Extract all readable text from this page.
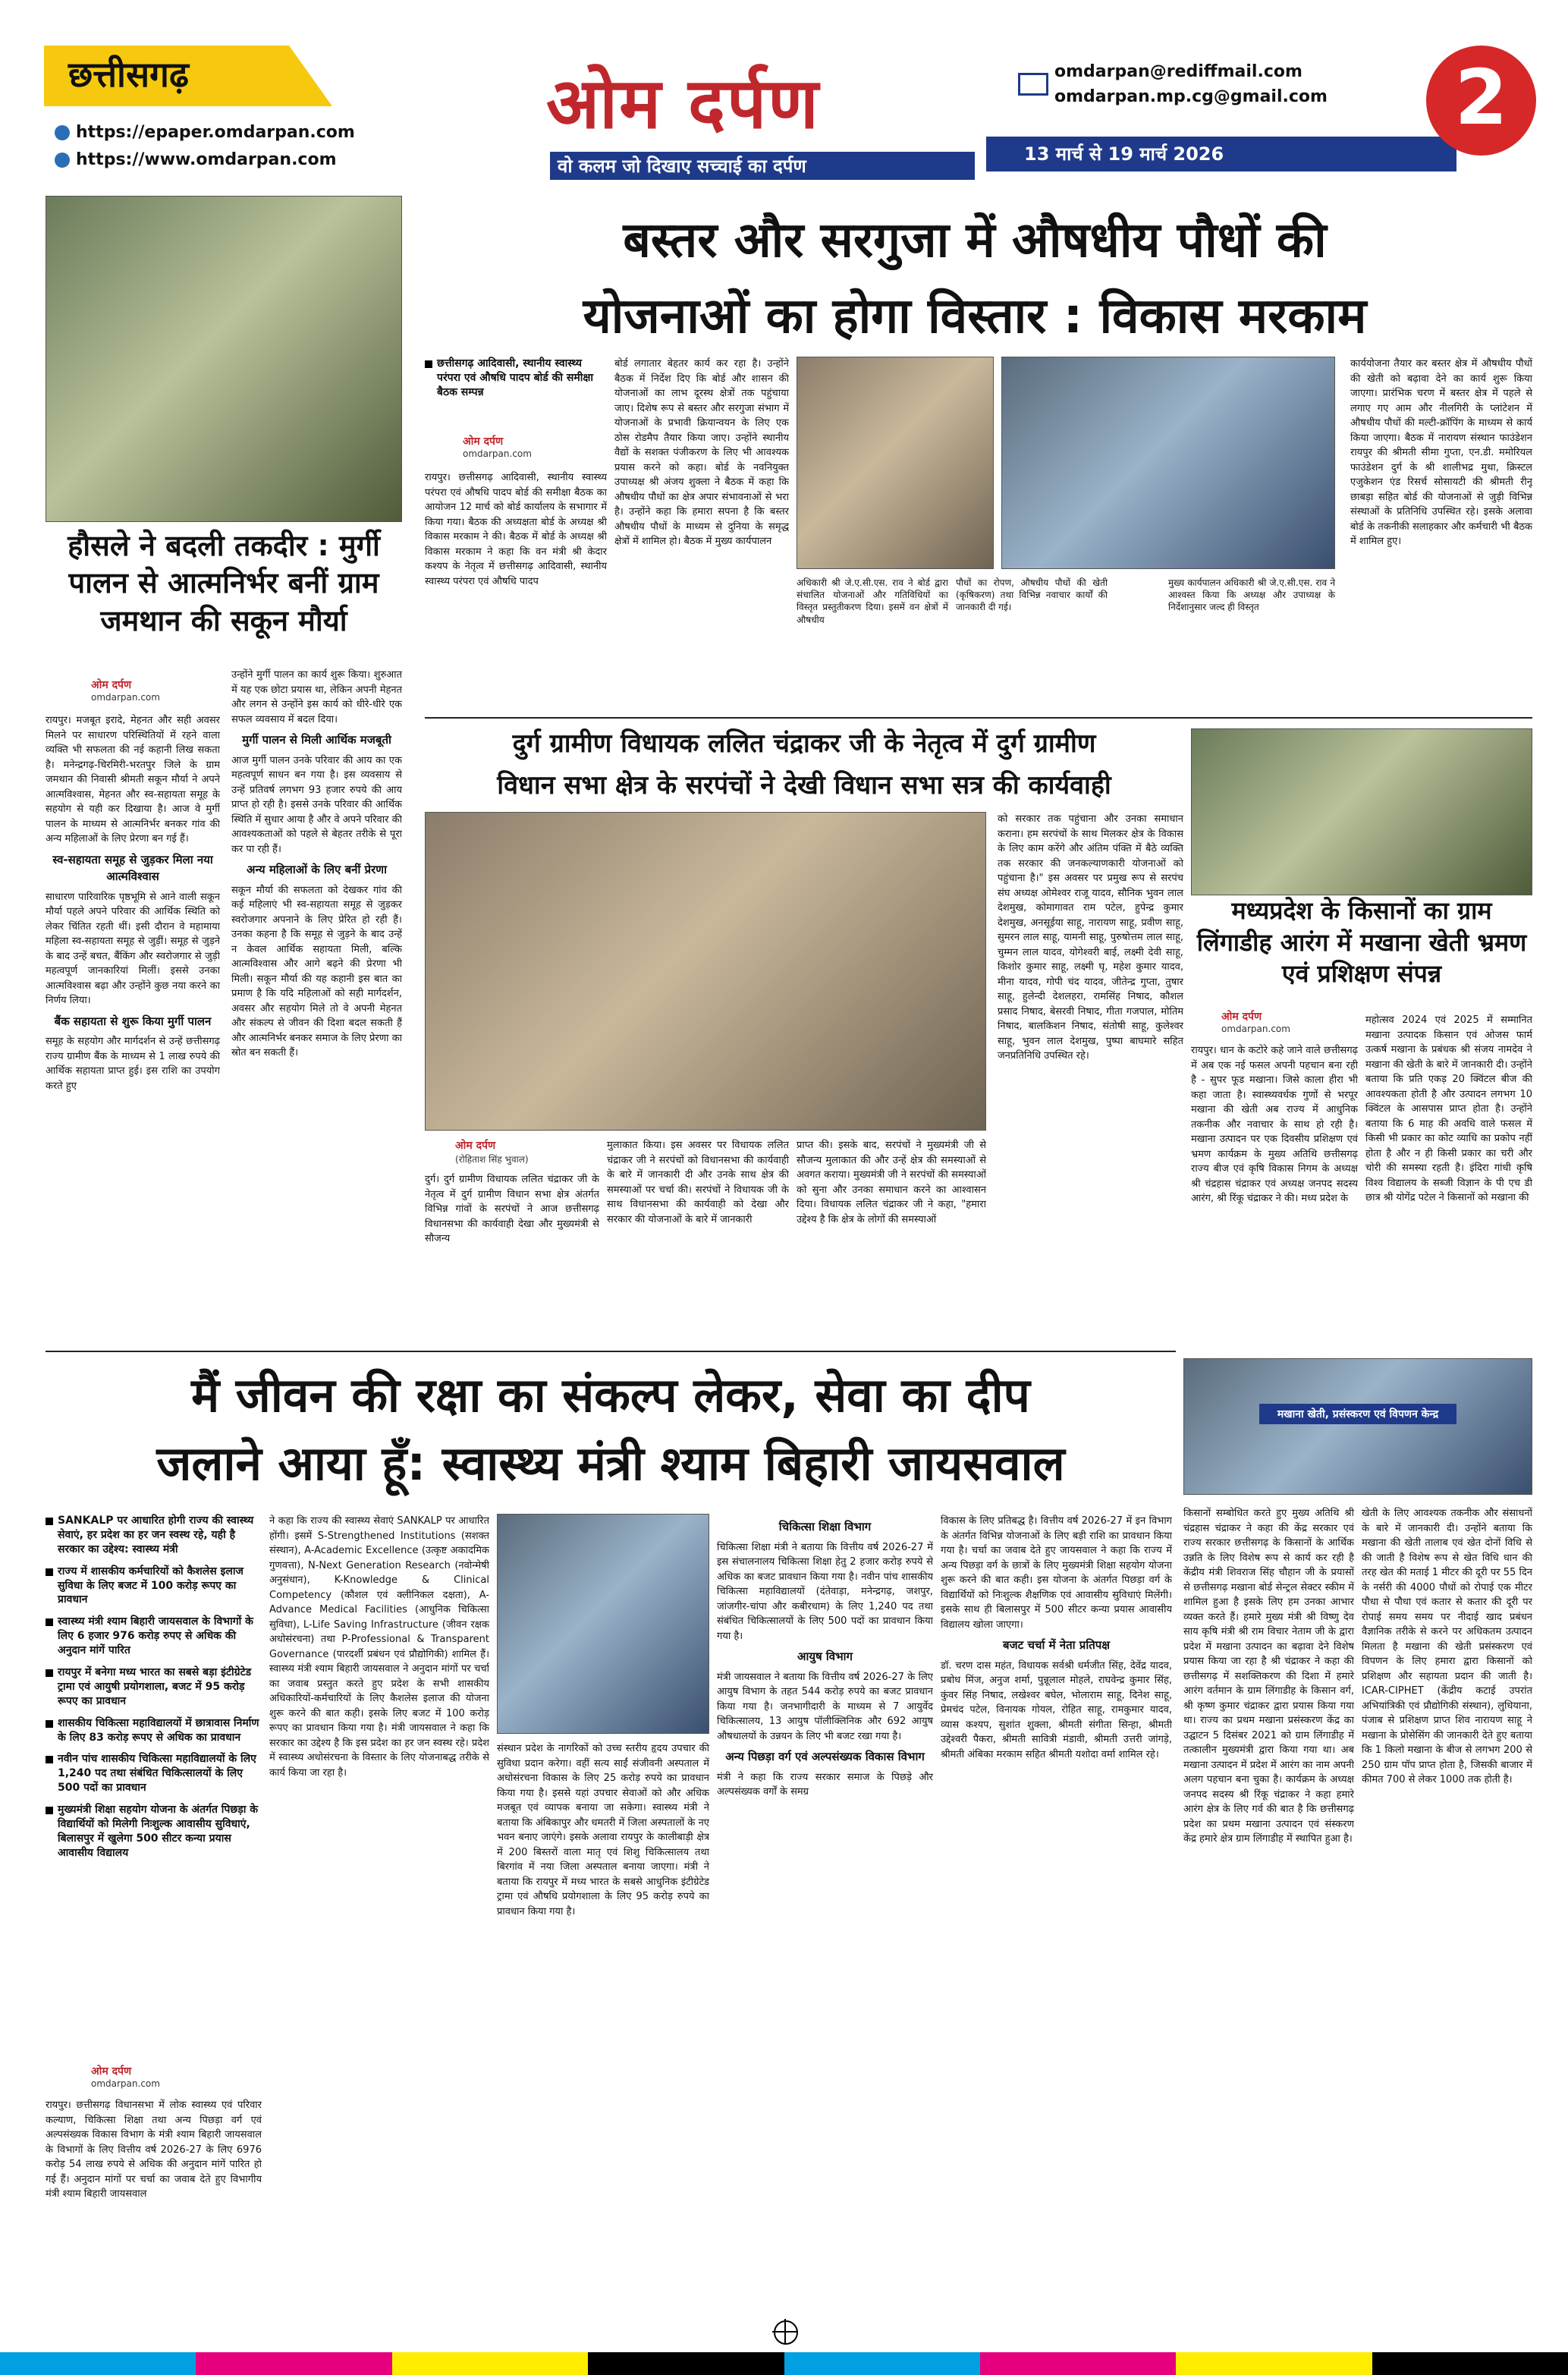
छत्तीसगढ़
https://epaper.omdarpan.com
https://www.omdarpan.com
ओम दर्पण
वो कलम जो दिखाए सच्चाई का दर्पण
omdarpan@rediffmail.com
omdarpan.mp.cg@gmail.com
13 मार्च से 19 मार्च 2026
2
हौसले ने बदली तकदीर : मुर्गी पालन से आत्मनिर्भर बनीं ग्राम जमथान की सकून मौर्या
ओम दर्पण
omdarpan.com

रायपुर। मजबूत इरादे, मेहनत और सही अवसर मिलने पर साधारण परिस्थितियों में रहने वाला व्यक्ति भी सफलता की नई कहानी लिख सकता है। मनेन्द्रगढ़-चिरमिरी-भरतपुर जिले के ग्राम जमथान की निवासी श्रीमती सकून मौर्या ने अपने आत्मविश्वास, मेहनत और स्व-सहायता समूह के सहयोग से यही कर दिखाया है। आज वे मुर्गी पालन के माध्यम से आत्मनिर्भर बनकर गांव की अन्य महिलाओं के लिए प्रेरणा बन गई हैं।

स्व-सहायता समूह से जुड़कर मिला नया आत्मविश्वास

साधारण पारिवारिक पृष्ठभूमि से आने वाली सकून मौर्या पहले अपने परिवार की आर्थिक स्थिति को लेकर चिंतित रहती थीं। इसी दौरान वे महामाया महिला स्व-सहायता समूह से जुड़ीं। समूह से जुड़ने के बाद उन्हें बचत, बैंकिंग और स्वरोजगार से जुड़ी महत्वपूर्ण जानकारियां मिलीं। इससे उनका आत्मविश्वास बढ़ा और उन्होंने कुछ नया करने का निर्णय लिया।

बैंक सहायता से शुरू किया मुर्गी पालन

समूह के सहयोग और मार्गदर्शन से उन्हें छत्तीसगढ़ राज्य ग्रामीण बैंक के माध्यम से 1 लाख रुपये की आर्थिक सहायता प्राप्त हुई। इस राशि का उपयोग करते हुए

उन्होंने मुर्गी पालन का कार्य शुरू किया। शुरुआत में यह एक छोटा प्रयास था, लेकिन अपनी मेहनत और लगन से उन्होंने इस कार्य को धीरे-धीरे एक सफल व्यवसाय में बदल दिया।

मुर्गी पालन से मिली आर्थिक मजबूती

आज मुर्गी पालन उनके परिवार की आय का एक महत्वपूर्ण साधन बन गया है। इस व्यवसाय से उन्हें प्रतिवर्ष लगभग 93 हजार रुपये की आय प्राप्त हो रही है। इससे उनके परिवार की आर्थिक स्थिति में सुधार आया है और वे अपने परिवार की आवश्यकताओं को पहले से बेहतर तरीके से पूरा कर पा रही हैं।

अन्य महिलाओं के लिए बनीं प्रेरणा

सकून मौर्या की सफलता को देखकर गांव की कई महिलाएं भी स्व-सहायता समूह से जुड़कर स्वरोजगार अपनाने के लिए प्रेरित हो रही हैं। उनका कहना है कि समूह से जुड़ने के बाद उन्हें न केवल आर्थिक सहायता मिली, बल्कि आत्मविश्वास और आगे बढ़ने की प्रेरणा भी मिली। सकून मौर्या की यह कहानी इस बात का प्रमाण है कि यदि महिलाओं को सही मार्गदर्शन, अवसर और सहयोग मिले तो वे अपनी मेहनत और संकल्प से जीवन की दिशा बदल सकती हैं और आत्मनिर्भर बनकर समाज के लिए प्रेरणा का स्रोत बन सकती हैं।

बस्तर और सरगुजा में औषधीय पौधों की
योजनाओं का होगा विस्तार : विकास मरकाम
छत्तीसगढ़ आदिवासी, स्थानीय स्वास्थ्य परंपरा एवं औषधि पादप बोर्ड की समीक्षा बैठक सम्पन्न
ओम दर्पण
omdarpan.com

रायपुर। छत्तीसगढ़ आदिवासी, स्थानीय स्वास्थ्य परंपरा एवं औषधि पादप बोर्ड की समीक्षा बैठक का आयोजन 12 मार्च को बोर्ड कार्यालय के सभागार में किया गया। बैठक की अध्यक्षता बोर्ड के अध्यक्ष श्री विकास मरकाम ने की। बैठक में बोर्ड के अध्यक्ष श्री विकास मरकाम ने कहा कि वन मंत्री श्री केदार कश्यप के नेतृत्व में छत्तीसगढ़ आदिवासी, स्थानीय स्वास्थ्य परंपरा एवं औषधि पादप

बोर्ड लगातार बेहतर कार्य कर रहा है। उन्होंने बैठक में निर्देश दिए कि बोर्ड और शासन की योजनाओं का लाभ दूरस्थ क्षेत्रों तक पहुंचाया जाए। दिशेष रूप से बस्तर और सरगुजा संभाग में योजनाओं के प्रभावी क्रियान्वयन के लिए एक ठोस रोडमैप तैयार किया जाए। उन्होंने स्थानीय वैद्यों के सशक्त पंजीकरण के लिए भी आवश्यक प्रयास करने को कहा। बोर्ड के नवनियुक्त उपाध्यक्ष श्री अंजय शुक्ला ने बैठक में कहा कि औषधीय पौधों का क्षेत्र अपार संभावनाओं से भरा है। उन्होंने कहा कि हमारा सपना है कि बस्तर औषधीय पौधों के माध्यम से दुनिया के समृद्ध क्षेत्रों में शामिल हो। बैठक में मुख्य कार्यपालन

अधिकारी श्री जे.ए.सी.एस. राव ने बोर्ड द्वारा संचालित योजनाओं और गतिविधियों का विस्तृत प्रस्तुतीकरण दिया। इसमें वन क्षेत्रों में औषधीय
पौधों का रोपण, औषधीय पौधों की खेती (कृषिकरण) तथा विभिन्न नवाचार कार्यों की जानकारी दी गई।
मुख्य कार्यपालन अधिकारी श्री जे.ए.सी.एस. राव ने आश्वस्त किया कि अध्यक्ष और उपाध्यक्ष के निर्देशानुसार जल्द ही विस्तृत

कार्ययोजना तैयार कर बस्तर क्षेत्र में औषधीय पौधों की खेती को बढ़ावा देने का कार्य शुरू किया जाएगा। प्रारंभिक चरण में बस्तर क्षेत्र में पहले से लगाए गए आम और नीलगिरी के प्लांटेशन में औषधीय पौधों की मल्टी-क्रॉपिंग के माध्यम से कार्य किया जाएगा। बैठक में नारायण संस्थान फाउंडेशन रायपुर की श्रीमती सीमा गुप्ता, एन.डी. ममोरियल फाउंडेशन दुर्ग के श्री शालीभद्र मुथा, क्रिस्टल एजुकेशन एंड रिसर्च सोसायटी की श्रीमती रीनू छाबड़ा सहित बोर्ड की योजनाओं से जुड़ी विभिन्न संस्थाओं के प्रतिनिधि उपस्थित रहे। इसके अलावा बोर्ड के तकनीकी सलाहकार और कर्मचारी भी बैठक में शामिल हुए।

दुर्ग ग्रामीण विधायक ललित चंद्राकर जी के नेतृत्व में दुर्ग ग्रामीण
विधान सभा क्षेत्र के सरपंचों ने देखी विधान सभा सत्र की कार्यवाही
ओम दर्पण
(रोहिताश सिंह भुवाल)

दुर्ग। दुर्ग ग्रामीण विधायक ललित चंद्राकर जी के नेतृत्व में दुर्ग ग्रामीण विधान सभा क्षेत्र अंतर्गत विभिन्न गांवों के सरपंचों ने आज छत्तीसगढ़ विधानसभा की कार्यवाही देखा और मुख्यमंत्री से सौजन्य

मुलाकात किया। इस अवसर पर विधायक ललित चंद्राकर जी ने सरपंचों को विधानसभा की कार्यवाही के बारे में जानकारी दी और उनके साथ क्षेत्र की समस्याओं पर चर्चा की। सरपंचों ने विधायक जी के साथ विधानसभा की कार्यवाही को देखा और सरकार की योजनाओं के बारे में जानकारी

प्राप्त की। इसके बाद, सरपंचों ने मुख्यमंत्री जी से सौजन्य मुलाकात की और उन्हें क्षेत्र की समस्याओं से अवगत कराया। मुख्यमंत्री जी ने सरपंचों की समस्याओं को सुना और उनका समाधान करने का आश्वासन दिया। विधायक ललित चंद्राकर जी ने कहा, "हमारा उद्देश्य है कि क्षेत्र के लोगों की समस्याओं

को सरकार तक पहुंचाना और उनका समाधान कराना। हम सरपंचों के साथ मिलकर क्षेत्र के विकास के लिए काम करेंगे और अंतिम पंक्ति में बैठे व्यक्ति तक सरकार की जनकल्याणकारी योजनाओं को पहुंचाना है।" इस अवसर पर प्रमुख रूप से सरपंच संघ अध्यक्ष ओमेश्वर राजू यादव, सौनिक भुवन लाल देशमुख, कोमागावत राम पटेल, हुपेन्द्र कुमार देशमुख, अनसूईया साहू, नारायण साहू, प्रवीण साहू, सुमरन लाल साहू, यामनी साहू, पुरुषोत्तम लाल साहू, चुम्मन लाल यादव, योगेश्वरी बाई, लक्ष्मी देवी साहू, किशोर कुमार साहू, लक्ष्मी घृ, महेश कुमार यादव, मीना यादव, गोपी चंद यादव, जीतेन्द्र गुप्ता, तुषार साहू, हुलेन्दी देशलहरा, रामसिंह निषाद, कौशल प्रसाद निषाद, बेसरवी निषाद, गीता गजपाल, मोतिम निषाद, बालकिशन निषाद, संतोषी साहू, कुलेश्वर साहू, भुवन लाल देशमुख, पुष्पा बाघमारे सहित जनप्रतिनिधि उपस्थित रहे।

मध्यप्रदेश के किसानों का ग्राम लिंगाडीह आरंग में मखाना खेती भ्रमण एवं प्रशिक्षण संपन्न
ओम दर्पण
omdarpan.com

रायपुर। धान के कटोरे कहे जाने वाले छत्तीसगढ़ में अब एक नई फसल अपनी पहचान बना रही है - सुपर फूड मखाना। जिसे काला हीरा भी कहा जाता है। स्वास्थ्यवर्धक गुणों से भरपूर मखाना की खेती अब राज्य में आधुनिक तकनीक और नवाचार के साथ हो रही है। मखाना उत्पादन पर एक दिवसीय प्रशिक्षण एवं भ्रमण कार्यक्रम के मुख्य अतिथि छत्तीसगढ़ राज्य बीज एवं कृषि विकास निगम के अध्यक्ष श्री चंद्रहास चंद्राकर एवं अध्यक्ष जनपद सदस्य आरंग, श्री रिंकू चंद्राकर ने की। मध्य प्रदेश के

महोत्सव 2024 एवं 2025 में सम्मानित मखाना उत्पादक किसान एवं ओजस फार्म उत्कर्ष मखाना के प्रबंधक श्री संजय नामदेव ने मखाना की खेती के बारे में जानकारी दी। उन्होंने बताया कि प्रति एकड़ 20 क्विंटल बीज की आवश्यकता होती है और उत्पादन लगभग 10 क्विंटल के आसपास प्राप्त होता है। उन्होंने बताया कि 6 माह की अवधि वाले फसल में किसी भी प्रकार का कोट व्याधि का प्रकोप नहीं होता है और न ही किसी प्रकार का चरी और चोरी की समस्या रहती है। इंदिरा गांधी कृषि विश्व विद्यालय के सब्जी विज्ञान के पी एच डी छात्र श्री योगेंद्र पटेल ने किसानों को मखाना की

मखाना खेती, प्रसंस्करण एवं विपणन केन्द्र

किसानों सम्बोधित करते हुए मुख्य अतिथि श्री चंद्रहास चंद्राकर ने कहा की केंद्र सरकार एवं राज्य सरकार छत्तीसगढ़ के किसानों के आर्थिक उन्नति के लिए विशेष रूप से कार्य कर रही है केंद्रीय मंत्री शिवराज सिंह चौहान जी के प्रयासों से छत्तीसगढ़ मखाना बोर्ड सेन्ट्रल सेक्टर स्कीम में शामिल हुआ है इसके लिए हम उनका आभार व्यक्त करते हैं। हमारे मुख्य मंत्री श्री विष्णु देव साय कृषि मंत्री श्री राम विचार नेताम जी के द्वारा प्रदेश में मखाना उत्पादन का बढ़ावा देने विशेष प्रयास किया जा रहा है श्री चंद्राकर ने कहा की छत्तीसगढ़ में सशक्तिकरण की दिशा में हमारे आरंग वर्तमान के ग्राम लिंगाडीह के किसान वर्ग, श्री कृष्ण कुमार चंद्राकर द्वारा प्रयास किया गया था। राज्य का प्रथम मखाना प्रसंस्करण केंद्र का उद्घाटन 5 दिसंबर 2021 को ग्राम लिंगाडीह में तत्कालीन मुख्यमंत्री द्वारा किया गया था। अब मखाना उत्पादन में प्रदेश में आरंग का नाम अपनी अलग पहचान बना चुका है। कार्यक्रम के अध्यक्ष जनपद सदस्य श्री रिंकू चंद्राकर ने कहा हमारे आरंग क्षेत्र के लिए गर्व की बात है कि छत्तीसगढ़ प्रदेश का प्रथम मखाना उत्पादन एवं संस्करण केंद्र हमारे क्षेत्र ग्राम लिंगाडीह में स्थापित हुआ है।

खेती के लिए आवश्यक तकनीक और संसाधनों के बारे में जानकारी दी। उन्होंने बताया कि मखाना की खेती तालाब एवं खेत दोनों विधि से की जाती है विशेष रूप से खेत विधि धान की तरह खेत की मताई 1 मीटर की दूरी पर 55 दिन के नर्सरी की 4000 पौधों को रोपाई एक मीटर पौधा से पौधा एवं कतार से कतार की दूरी पर रोपाई समय समय पर नीदाई खाद प्रबंधन वैज्ञानिक तरीके से करने पर अधिकतम उत्पादन मिलता है मखाना की खेती प्रसंस्करण एवं विपणन के लिए हमारा द्वारा किसानों को प्रशिक्षण और सहायता प्रदान की जाती है। ICAR-CIPHET (केंद्रीय कटाई उपरांत अभियांत्रिकी एवं प्रौद्योगिकी संस्थान), लुधियाना, पंजाब से प्रशिक्षण प्राप्त शिव नारायण साहू ने मखाना के प्रोसेसिंग की जानकारी देते हुए बताया कि 1 किलो मखाना के बीज से लगभग 200 से 250 ग्राम पॉप प्राप्त होता है, जिसकी बाजार में कीमत 700 से लेकर 1000 तक होती है।

मैं जीवन की रक्षा का संकल्प लेकर, सेवा का दीप
जलाने आया हूँ: स्वास्थ्य मंत्री श्याम बिहारी जायसवाल
SANKALP पर आधारित होगी राज्य की स्वास्थ्य सेवाएं, हर प्रदेश का हर जन स्वस्थ रहे, यही है सरकार का उद्देश्य: स्वास्थ्य मंत्री
राज्य में शासकीय कर्मचारियों को कैशलेस इलाज सुविधा के लिए बजट में 100 करोड़ रूपए का प्रावधान
स्वास्थ्य मंत्री श्याम बिहारी जायसवाल के विभागों के लिए 6 हजार 976 करोड़ रुपए से अधिक की अनुदान मांगें पारित
रायपुर में बनेगा मध्य भारत का सबसे बड़ा इंटीग्रेटेड ट्रामा एवं आयुषी प्रयोगशाला, बजट में 95 करोड़ रूपए का प्रावधान
शासकीय चिकित्सा महाविद्यालयों में छात्रावास निर्माण के लिए 83 करोड़ रूपए से अधिक का प्रावधान
नवीन पांच शासकीय चिकित्सा महाविद्यालयों के लिए 1,240 पद तथा संबंधित चिकित्सालयों के लिए 500 पदों का प्रावधान
मुख्यमंत्री शिक्षा सहयोग योजना के अंतर्गत पिछड़ा के विद्यार्थियों को मिलेगी निःशुल्क आवासीय सुविधाएं, बिलासपुर में खुलेगा 500 सीटर कन्या प्रयास आवासीय विद्यालय
ओम दर्पण
omdarpan.com

रायपुर। छत्तीसगढ़ विधानसभा में लोक स्वास्थ्य एवं परिवार कल्याण, चिकित्सा शिक्षा तथा अन्य पिछड़ा वर्ग एवं अल्पसंख्यक विकास विभाग के मंत्री श्याम बिहारी जायसवाल के विभागों के लिए वित्तीय वर्ष 2026-27 के लिए 6976 करोड़ 54 लाख रुपये से अधिक की अनुदान मांगें पारित हो गई हैं। अनुदान मांगों पर चर्चा का जवाब देते हुए विभागीय मंत्री श्याम बिहारी जायसवाल

ने कहा कि राज्य की स्वास्थ्य सेवाएं SANKALP पर आधारित होंगी। इसमें S-Strengthened Institutions (सशक्त संस्थान), A-Academic Excellence (उत्कृष्ट अकादमिक गुणवत्ता), N-Next Generation Research (नवोन्मेषी अनुसंधान), K-Knowledge & Clinical Competency (कौशल एवं क्लीनिकल दक्षता), A-Advance Medical Facilities (आधुनिक चिकित्सा सुविधा), L-Life Saving Infrastructure (जीवन रक्षक अधोसंरचना) तथा P-Professional & Transparent Governance (पारदर्शी प्रबंधन एवं प्रौद्योगिकी) शामिल हैं। स्वास्थ्य मंत्री श्याम बिहारी जायसवाल ने अनुदान मांगों पर चर्चा का जवाब प्रस्तुत करते हुए प्रदेश के सभी शासकीय अधिकारियों-कर्मचारियों के लिए कैशलेस इलाज की योजना शुरू करने की बात कही। इसके लिए बजट में 100 करोड़ रूपए का प्रावधान किया गया है। मंत्री जायसवाल ने कहा कि सरकार का उद्देश्य है कि इस प्रदेश का हर जन स्वस्थ रहे। प्रदेश में स्वास्थ्य अधोसंरचना के विस्तार के लिए योजनाबद्ध तरीके से कार्य किया जा रहा है।

संस्थान प्रदेश के नागरिकों को उच्च स्तरीय हृदय उपचार की सुविधा प्रदान करेगा। वहीं सत्य साईं संजीवनी अस्पताल में अधोसंरचना विकास के लिए 25 करोड़ रुपये का प्रावधान किया गया है। इससे यहां उपचार सेवाओं को और अधिक मजबूत एवं व्यापक बनाया जा सकेगा। स्वास्थ्य मंत्री ने बताया कि अंबिकापुर और धमतरी में जिला अस्पतालों के नए भवन बनाए जाएंगे। इसके अलावा रायपुर के कालीबाड़ी क्षेत्र में 200 बिस्तरों वाला मातृ एवं शिशु चिकित्सालय तथा बिरगांव में नया जिला अस्पताल बनाया जाएगा। मंत्री ने बताया कि रायपुर में मध्य भारत के सबसे आधुनिक इंटीग्रेटेड ट्रामा एवं औषधि प्रयोगशाला के लिए 95 करोड़ रुपये का प्रावधान किया गया है।

चिकित्सा शिक्षा विभाग

चिकित्सा शिक्षा मंत्री ने बताया कि वित्तीय वर्ष 2026-27 में इस संचालनालय चिकित्सा शिक्षा हेतु 2 हजार करोड़ रुपये से अधिक का बजट प्रावधान किया गया है। नवीन पांच शासकीय चिकित्सा महाविद्यालयों (दंतेवाड़ा, मनेन्द्रगढ़, जशपुर, जांजगीर-चांपा और कबीरधाम) के लिए 1,240 पद तथा संबंधित चिकित्सालयों के लिए 500 पदों का प्रावधान किया गया है।

आयुष विभाग

मंत्री जायसवाल ने बताया कि वित्तीय वर्ष 2026-27 के लिए आयुष विभाग के तहत 544 करोड़ रुपये का बजट प्रावधान किया गया है। जनभागीदारी के माध्यम से 7 आयुर्वेद चिकित्सालय, 13 आयुष पॉलीक्लिनिक और 692 आयुष औषधालयों के उन्नयन के लिए भी बजट रखा गया है।

अन्य पिछड़ा वर्ग एवं अल्पसंख्यक विकास विभाग

मंत्री ने कहा कि राज्य सरकार समाज के पिछड़े और अल्पसंख्यक वर्गों के समग्र

विकास के लिए प्रतिबद्ध है। वित्तीय वर्ष 2026-27 में इन विभाग के अंतर्गत विभिन्न योजनाओं के लिए बड़ी राशि का प्रावधान किया गया है। चर्चा का जवाब देते हुए जायसवाल ने कहा कि राज्य में अन्य पिछड़ा वर्ग के छात्रों के लिए मुख्यमंत्री शिक्षा सहयोग योजना शुरू करने की बात कही। इस योजना के अंतर्गत पिछड़ा वर्ग के विद्यार्थियों को निःशुल्क शैक्षणिक एवं आवासीय सुविधाएं मिलेंगी। इसके साथ ही बिलासपुर में 500 सीटर कन्या प्रयास आवासीय विद्यालय खोला जाएगा।

बजट चर्चा में नेता प्रतिपक्ष

डॉ. चरण दास महंत, विधायक सर्वश्री धर्मजीत सिंह, देवेंद्र यादव, प्रबोध मिंज, अनुज शर्मा, पुन्नूलाल मोहले, राघवेन्द्र कुमार सिंह, कुंवर सिंह निषाद, लखेश्वर बघेल, भोलाराम साहू, दिनेश साहू, प्रेमचंद पटेल, विनायक गोयल, रोहित साहू, रामकुमार यादव, व्यास कश्यप, सुशांत शुक्ला, श्रीमती संगीता सिन्हा, श्रीमती उद्देश्वरी पैकरा, श्रीमती सावित्री मंडावी, श्रीमती उत्तरी जांगड़े, श्रीमती अंबिका मरकाम सहित श्रीमती यशोदा वर्मा शामिल रहे।
